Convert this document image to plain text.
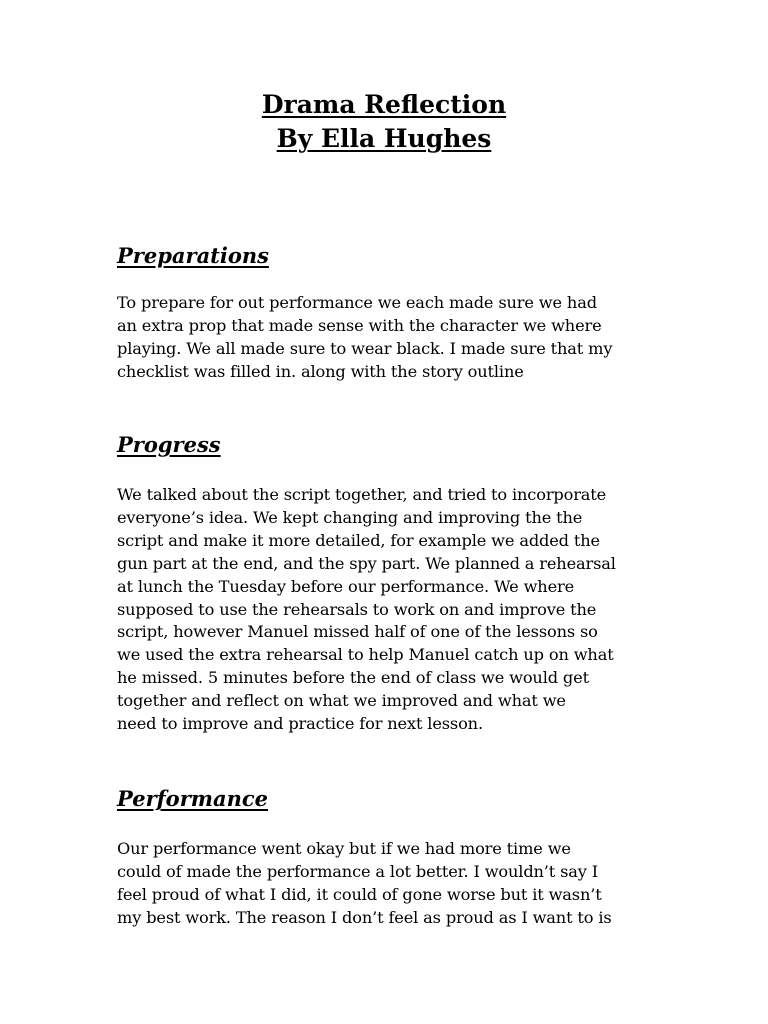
Drama Reflection
By Ella Hughes
Preparations
To prepare for out performance we each made sure we had
an extra prop that made sense with the character we where
playing. We all made sure to wear black. I made sure that my
checklist was filled in. along with the story outline
Progress
We talked about the script together, and tried to incorporate
everyone’s idea. We kept changing and improving the the
script and make it more detailed, for example we added the
gun part at the end, and the spy part. We planned a rehearsal
at lunch the Tuesday before our performance. We where
supposed to use the rehearsals to work on and improve the
script, however Manuel missed half of one of the lessons so
we used the extra rehearsal to help Manuel catch up on what
he missed. 5 minutes before the end of class we would get
together and reflect on what we improved and what we
need to improve and practice for next lesson.
Performance
Our performance went okay but if we had more time we
could of made the performance a lot better. I wouldn’t say I
feel proud of what I did, it could of gone worse but it wasn’t
my best work. The reason I don’t feel as proud as I want to is
